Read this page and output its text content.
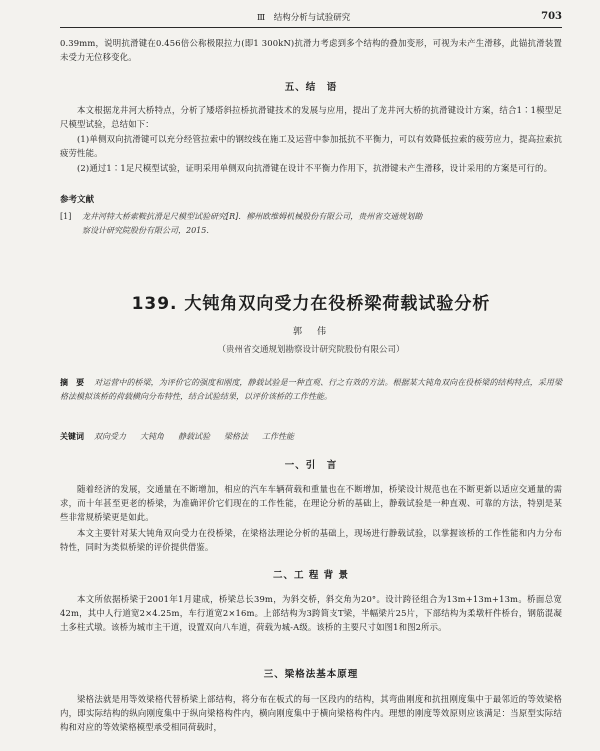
Ⅲ　结构分析与试验研究	703

0.39mm，说明抗滑键在0.456倍公称极限拉力(即1 300kN)抗滑力考虑到多个结构的叠加变形，可视为未产生滑移，此锚抗滑装置未受力无位移变化。

五、结　语

本文根据龙井河大桥特点，分析了矮塔斜拉桥抗滑键技术的发展与应用，提出了龙井河大桥的抗滑键设计方案，结合1∶1模型足尺模型试验，总结如下：

(1)单侧双向抗滑键可以充分经管拉索中的钢绞线在施工及运营中参加抵抗不平衡力，可以有效降低拉索的疲劳应力，提高拉索抗疲劳性能。

(2)通过1∶1足尺模型试验，证明采用单侧双向抗滑键在设计不平衡力作用下，抗滑键未产生滑移，设计采用的方案是可行的。

参考文献

[1] 龙井河特大桥索鞍抗滑足尺模型试验研究[R]．柳州欧维姆机械股份有限公司，贵州省交通规划勘
察设计研究院股份有限公司，2015.
139. 大钝角双向受力在役桥梁荷载试验分析

郭　伟

（贵州省交通规划勘察设计研究院股份有限公司）

摘　要 对运营中的桥梁，为评价它的强度和刚度，静载试验是一种直观、行之有效的方法。根据某大钝角双向在役桥梁的结构特点，采用梁格法模拟该桥的荷载横向分布特性，结合试验结果，以评价该桥的工作性能。

关键词 双向受力 大钝角 静载试验 梁格法 工作性能

一、引　言

随着经济的发展，交通量在不断增加，相应的汽车车辆荷载和重量也在不断增加，桥梁设计规范也在不断更新以适应交通量的需求，而十年甚至更老的桥梁，为准确评价它们现在的工作性能，在理论分析的基础上，静载试验是一种直观、可靠的方法，特别是某些非常规桥梁更是如此。

本文主要针对某大钝角双向受力在役桥梁，在梁格法理论分析的基础上，现场进行静载试验，以掌握该桥的工作性能和内力分布特性，同时为类似桥梁的评价提供借鉴。

二、工 程 背 景

本文所依据桥梁于2001年1月建成，桥梁总长39m，为斜交桥，斜交角为20°。设计跨径组合为13m+13m+13m。桥面总宽42m，其中人行道宽2×4.25m，车行道宽2×16m。上部结构为3跨简支T梁，半幅梁片25片，下部结构为柔墩杆件桥台，钢筋混凝土多柱式墩。该桥为城市主干道，设置双向八车道，荷载为城-A级。该桥的主要尺寸如图1和图2所示。

三、梁格法基本原理

梁格法就是用等效梁格代替桥梁上部结构，将分布在板式的每一区段内的结构，其弯曲刚度和抗扭刚度集中于最邻近的等效梁格内，即实际结构的纵向刚度集中于纵向梁格构件内，横向刚度集中于横向梁格构件内。理想的刚度等效原则应该满足：当原型实际结构和对应的等效梁格模型承受相同荷载时，
